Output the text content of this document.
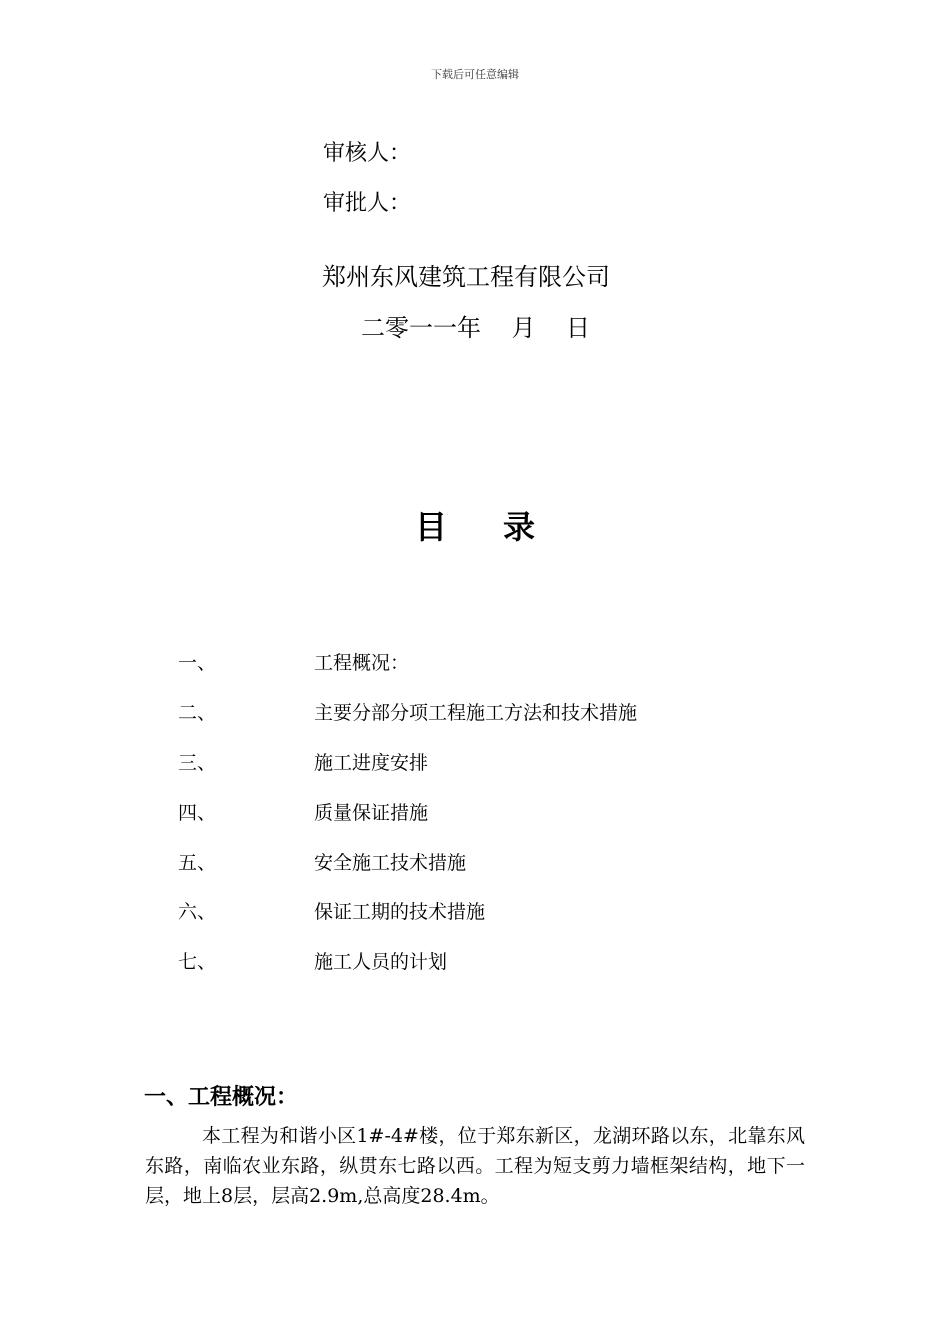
下载后可任意编辑
审核人：
审批人：
郑州东风建筑工程有限公司
二零一一年    月    日
目 录
一、	工程概况：
二、	主要分部分项工程施工方法和技术措施
三、	施工进度安排
四、	质量保证措施
五、	安全施工技术措施
六、	保证工期的技术措施
七、	施工人员的计划
一、工程概况：
本工程为和谐小区1#-4#楼，位于郑东新区，龙湖环路以东，北靠东风东路，南临农业东路，纵贯东七路以西。工程为短支剪力墙框架结构，地下一层，地上8层，层高2.9m,总高度28.4m。
